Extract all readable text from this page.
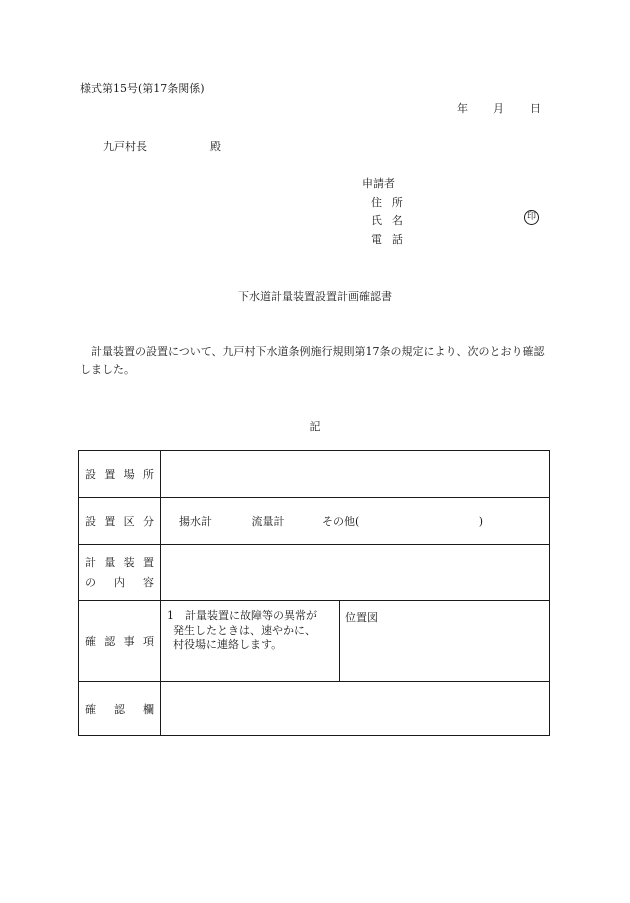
様式第15号(第17条関係)
年 月 日
九戸村長	殿
申請者
住所
氏名	印
電話
下水道計量装置設置計画確認書
　計量装置の設置について、九戸村下水道条例施行規則第17条の規定により、次のとおり確認しました。
記
設置場所		

設置区分	揚水計 流量計 その他( )	

計量装置
の内容		

確認事項	1　計量装置に故障等の異常が
発生したときは、速やかに、
村役場に連絡します。	位置図

確認欄		
